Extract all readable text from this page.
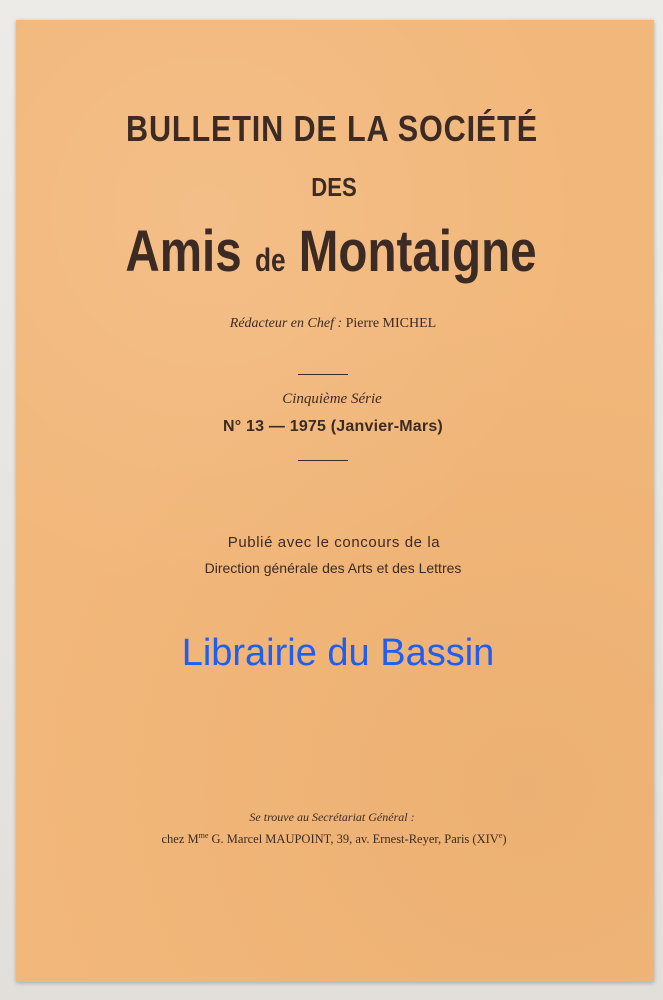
BULLETIN DE LA SOCIÉTÉ
DES
Amis de Montaigne
Rédacteur en Chef : Pierre MICHEL
Cinquième Série
N° 13 — 1975 (Janvier-Mars)
Publié avec le concours de la
Direction générale des Arts et des Lettres
Librairie du Bassin
Se trouve au Secrétariat Général :
chez $M^{me}$ G. Marcel MAUPOINT, 39, av. Ernest-Reyer, Paris (XIVe)
